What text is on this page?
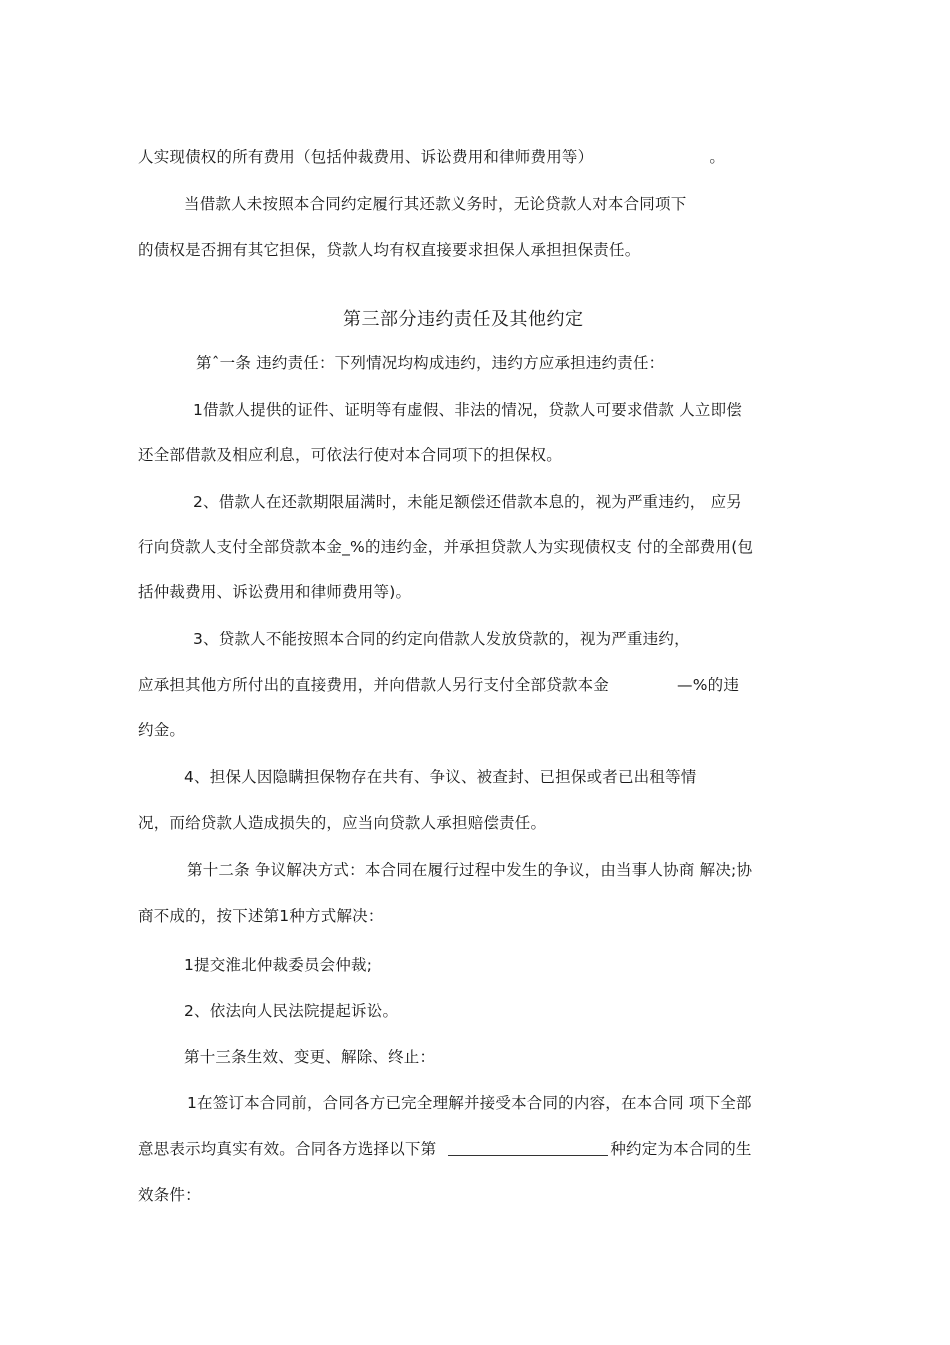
人实现债权的所有费用（包括仲裁费用、诉讼费用和律师费用等）	。
当借款人未按照本合同约定履行其还款义务时，无论贷款人对本合同项下
的债权是否拥有其它担保，贷款人均有权直接要求担保人承担担保责任。
第三部分违约责任及其他约定
第ˆ一条 违约责任：下列情况均构成违约，违约方应承担违约责任：
1借款人提供的证件、证明等有虚假、非法的情况，贷款人可要求借款 人立即偿
还全部借款及相应利息，可依法行使对本合同项下的担保权。
2、借款人在还款期限届满时，未能足额偿还借款本息的，视为严重违约， 应另
行向贷款人支付全部贷款本金_%的违约金，并承担贷款人为实现债权支 付的全部费用(包
括仲裁费用、诉讼费用和律师费用等)。
3、贷款人不能按照本合同的约定向借款人发放贷款的，视为严重违约，
应承担其他方所付出的直接费用，并向借款人另行支付全部贷款本金	—%的违
约金。
4、担保人因隐瞒担保物存在共有、争议、被查封、已担保或者已出租等情
况，而给贷款人造成损失的，应当向贷款人承担赔偿责任。
第十二条 争议解决方式：本合同在履行过程中发生的争议，由当事人协商 解决;协
商不成的，按下述第1种方式解决：
1提交淮北仲裁委员会仲裁;
2、依法向人民法院提起诉讼。
第十三条生效、变更、解除、终止：
1在签订本合同前，合同各方已完全理解并接受本合同的内容，在本合同 项下全部
意思表示均真实有效。合同各方选择以下第	种约定为本合同的生
效条件：
